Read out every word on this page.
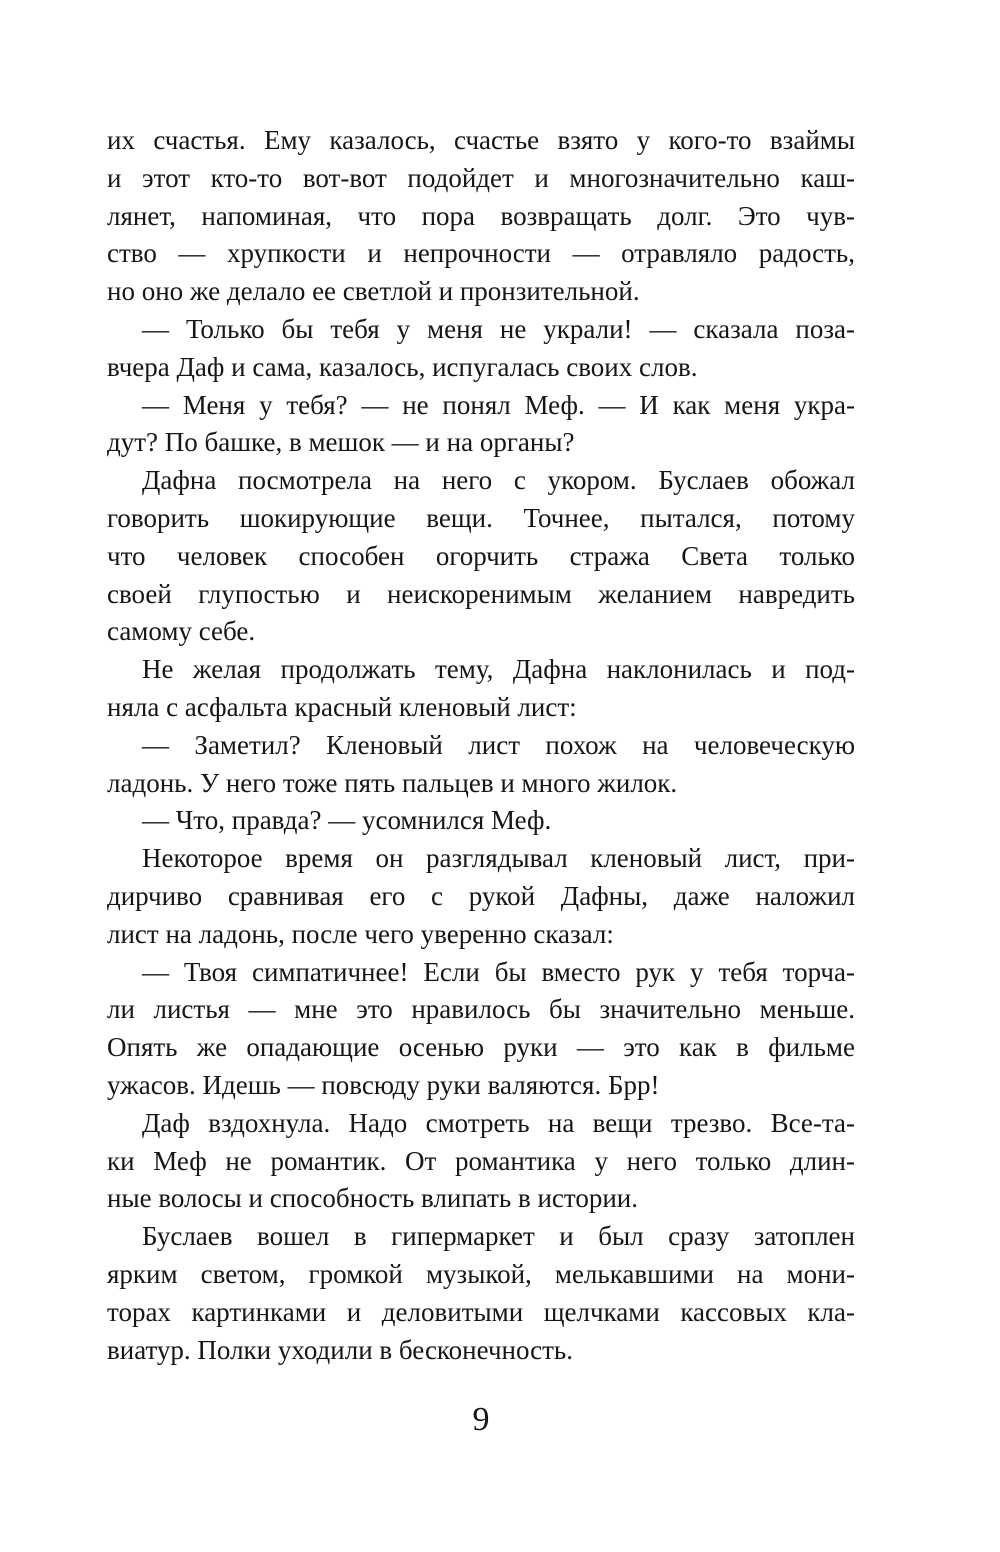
их счастья. Ему казалось, счастье взято у кого-то взаймы
и этот кто-то вот-вот подойдет и многозначительно каш-
лянет, напоминая, что пора возвращать долг. Это чув-
ство — хрупкости и непрочности — отравляло радость,
но оно же делало ее светлой и пронзительной.
— Только бы тебя у меня не украли! — сказала поза-
вчера Даф и сама, казалось, испугалась своих слов.
— Меня у тебя? — не понял Меф. — И как меня укра-
дут? По башке, в мешок — и на органы?
Дафна посмотрела на него с укором. Буслаев обожал
говорить шокирующие вещи. Точнее, пытался, потому
что человек способен огорчить стража Света только
своей глупостью и неискоренимым желанием навредить
самому себе.
Не желая продолжать тему, Дафна наклонилась и под-
няла с асфальта красный кленовый лист:
— Заметил? Кленовый лист похож на человеческую
ладонь. У него тоже пять пальцев и много жилок.
— Что, правда? — усомнился Меф.
Некоторое время он разглядывал кленовый лист, при-
дирчиво сравнивая его с рукой Дафны, даже наложил
лист на ладонь, после чего уверенно сказал:
— Твоя симпатичнее! Если бы вместо рук у тебя торча-
ли листья — мне это нравилось бы значительно меньше.
Опять же опадающие осенью руки — это как в фильме
ужасов. Идешь — повсюду руки валяются. Брр!
Даф вздохнула. Надо смотреть на вещи трезво. Все-та-
ки Меф не романтик. От романтика у него только длин-
ные волосы и способность влипать в истории.
Буслаев вошел в гипермаркет и был сразу затоплен
ярким светом, громкой музыкой, мелькавшими на мони-
торах картинками и деловитыми щелчками кассовых кла-
виатур. Полки уходили в бесконечность.
9
